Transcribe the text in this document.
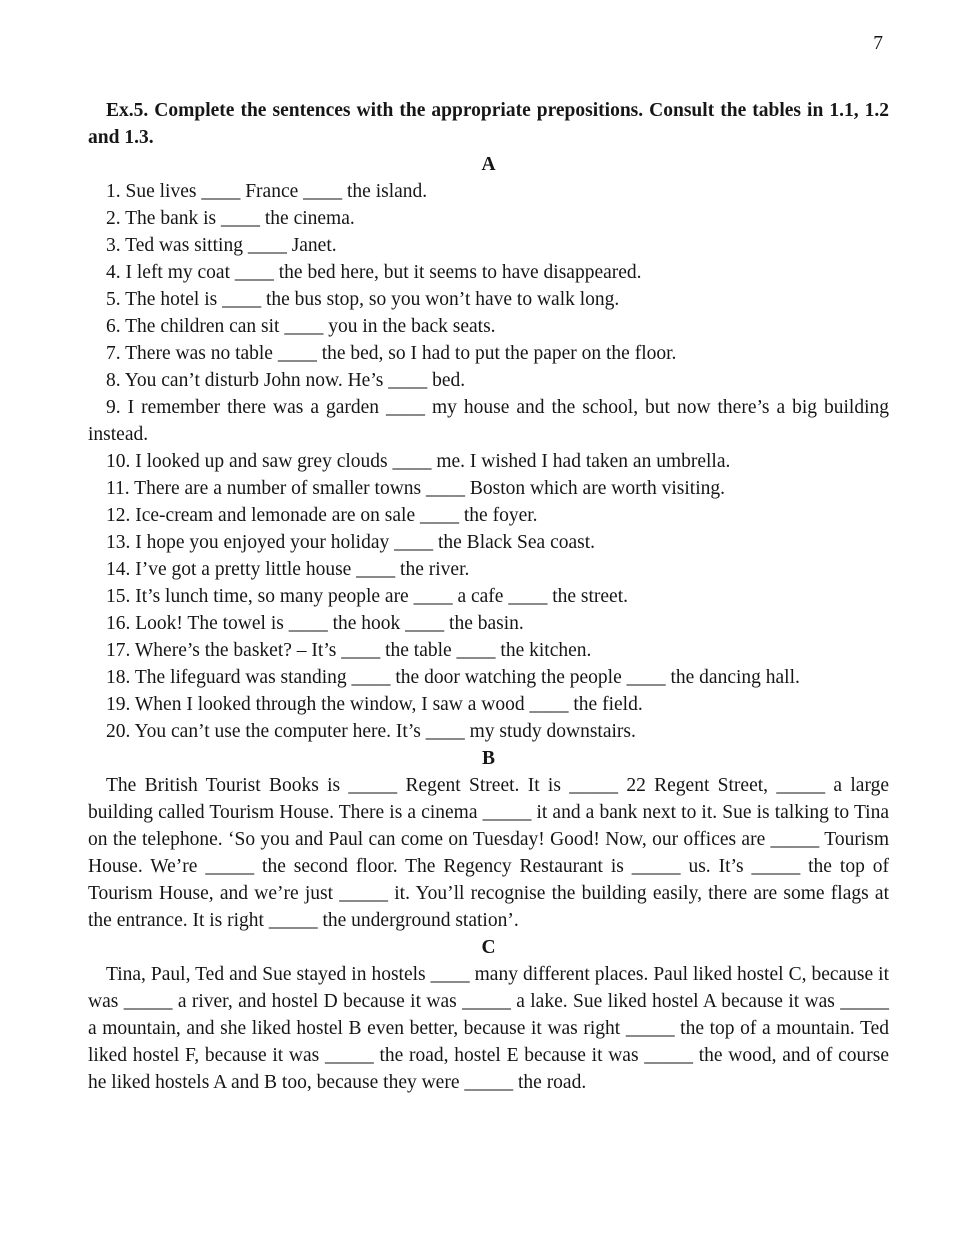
7

Ex.5. Complete the sentences with the appropriate prepositions. Consult the tables in 1.1, 1.2 and 1.3.

A

1. Sue lives ____ France ____ the island.

2. The bank is ____ the cinema.

3. Ted was sitting ____ Janet.

4. I left my coat ____ the bed here, but it seems to have disappeared.

5. The hotel is ____ the bus stop, so you won’t have to walk long.

6. The children can sit ____ you in the back seats.

7. There was no table ____ the bed, so I had to put the paper on the floor.

8. You can’t disturb John now. He’s ____ bed.

9. I remember there was a garden ____ my house and the school, but now there’s a big building instead.

10. I looked up and saw grey clouds ____ me. I wished I had taken an umbrella.

11. There are a number of smaller towns ____ Boston which are worth visiting.

12. Ice-cream and lemonade are on sale ____ the foyer.

13. I hope you enjoyed your holiday ____ the Black Sea coast.

14. I’ve got a pretty little house ____ the river.

15. It’s lunch time, so many people are ____ a cafe ____ the street.

16. Look! The towel is ____ the hook ____ the basin.

17. Where’s the basket? – It’s ____ the table ____ the kitchen.

18. The lifeguard was standing ____ the door watching the people ____ the dancing hall.

19. When I looked through the window, I saw a wood ____ the field.

20. You can’t use the computer here. It’s ____ my study downstairs.

B

The British Tourist Books is _____ Regent Street. It is _____ 22 Regent Street, _____ a large building called Tourism House. There is a cinema _____ it and a bank next to it. Sue is talking to Tina on the telephone. ‘So you and Paul can come on Tuesday! Good! Now, our offices are _____ Tourism House. We’re _____ the second floor. The Regency Restaurant is _____ us. It’s _____ the top of Tourism House, and we’re just _____ it. You’ll recognise the building easily, there are some flags at the entrance. It is right _____ the underground station’.

C

Tina, Paul, Ted and Sue stayed in hostels ____ many different places. Paul liked hostel C, because it was _____ a river, and hostel D because it was _____ a lake. Sue liked hostel A because it was _____ a mountain, and she liked hostel B even better, because it was right _____ the top of a mountain. Ted liked hostel F, because it was _____ the road, hostel E because it was _____ the wood, and of course he liked hostels A and B too, because they were _____ the road.
